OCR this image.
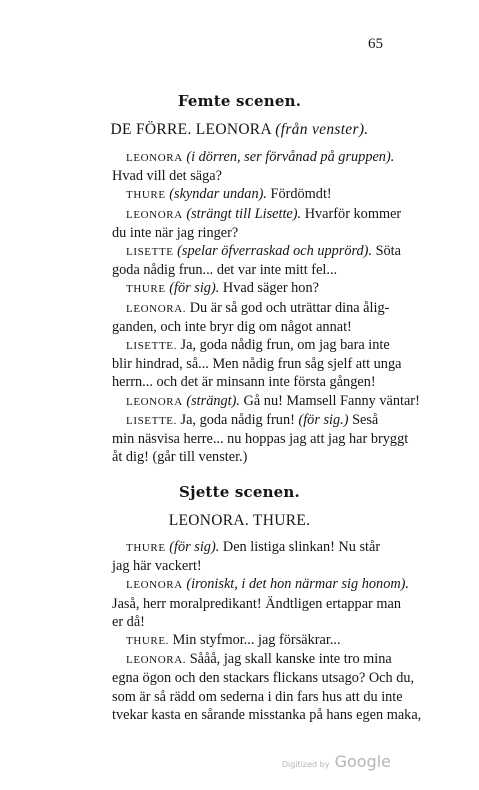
65
Femte scenen.
DE FÖRRE. LEONORA (från venster).
LEONORA (i dörren, ser förvånad på gruppen).
Hvad vill det säga?
THURE (skyndar undan). Fördömdt!
LEONORA (strängt till Lisette). Hvarför kommer
du inte när jag ringer?
LISETTE (spelar öfverraskad och upprörd). Söta
goda nådig frun... det var inte mitt fel...
THURE (för sig). Hvad säger hon?
LEONORA. Du är så god och uträttar dina ålig-
ganden, och inte bryr dig om något annat!
LISETTE. Ja, goda nådig frun, om jag bara inte
blir hindrad, så... Men nådig frun såg sjelf att unga
herrn... och det är minsann inte första gången!
LEONORA (strängt). Gå nu! Mamsell Fanny väntar!
LISETTE. Ja, goda nådig frun! (för sig.) Seså
min näsvisa herre... nu hoppas jag att jag har bryggt
åt dig! (går till venster.)
Sjette scenen.
LEONORA. THURE.
THURE (för sig). Den listiga slinkan! Nu står
jag här vackert!
LEONORA (ironiskt, i det hon närmar sig honom).
Jaså, herr moralpredikant! Ändtligen ertappar man
er då!
THURE. Min styfmor... jag försäkrar...
LEONORA. Sååå, jag skall kanske inte tro mina
egna ögon och den stackars flickans utsago? Och du,
som är så rädd om sederna i din fars hus att du inte
tvekar kasta en sårande misstanka på hans egen maka,
Digitized by Google
